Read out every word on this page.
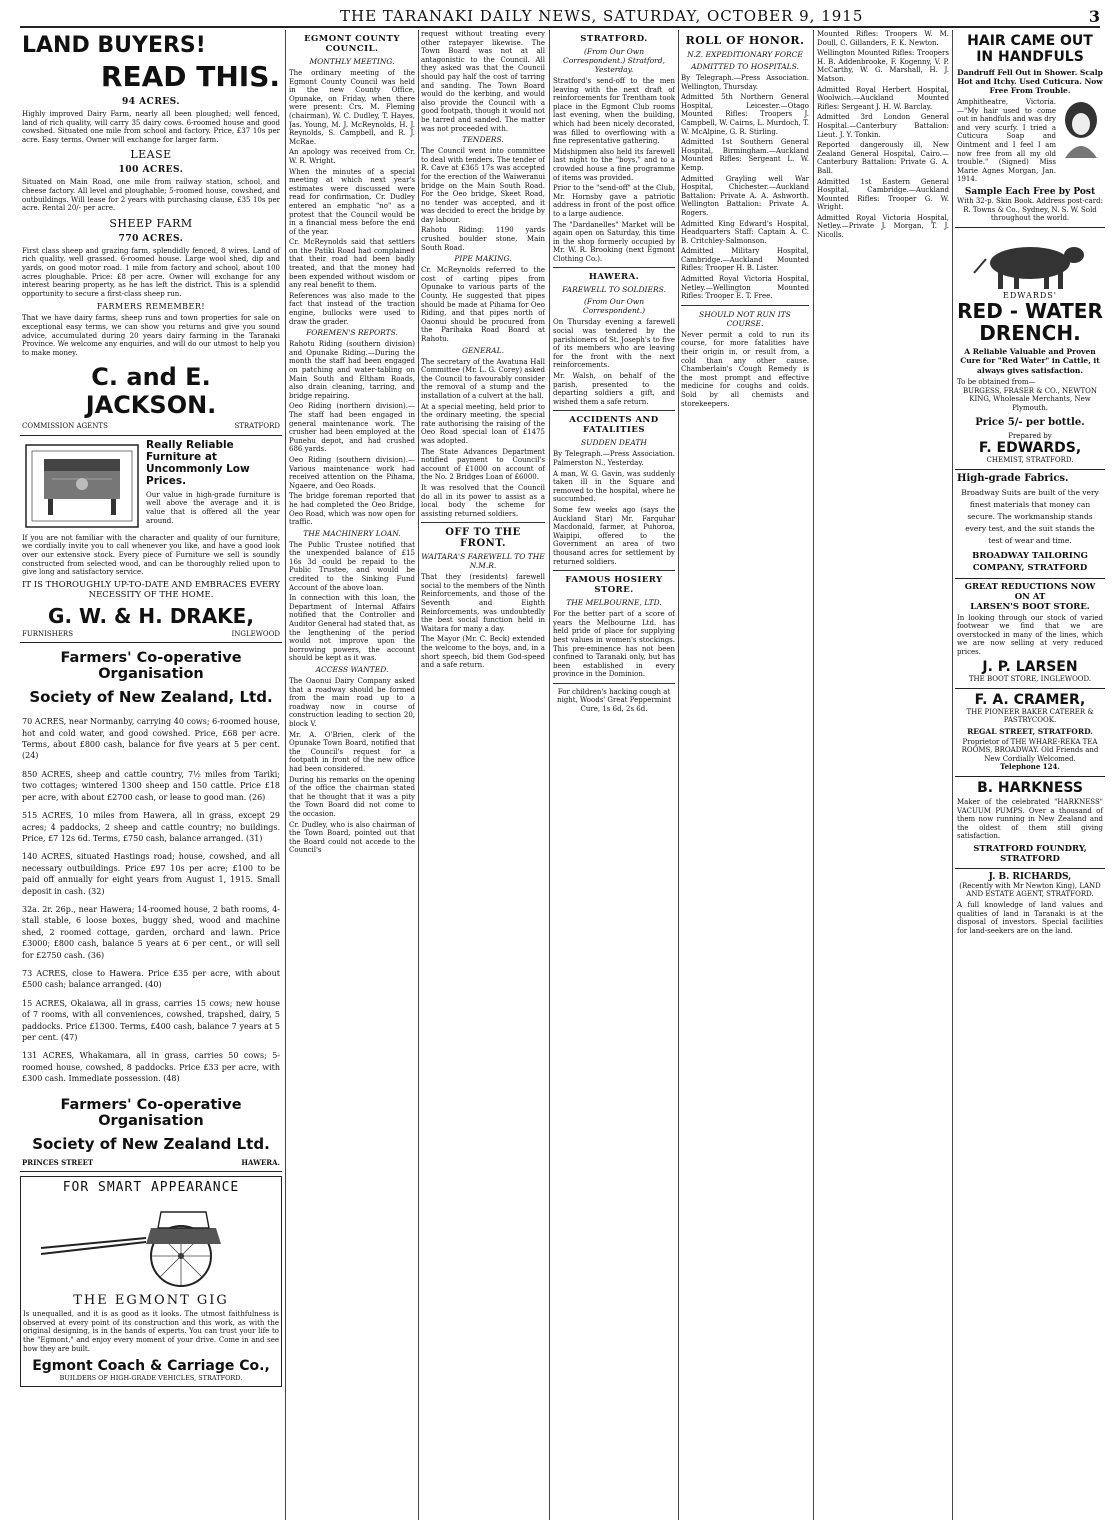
THE TARANAKI DAILY NEWS, SATURDAY, OCTOBER 9, 1915	3
LAND BUYERS!
READ THIS.
94 ACRES.
Highly improved Dairy Farm, nearly all been ploughed; well fenced, land of rich quality, will carry 35 dairy cows. 6-roomed house and good cowshed. Situated one mile from school and factory. Price, £37 10s per acre. Easy terms. Owner will exchange for larger farm.
LEASE
100 ACRES.
Situated on Main Road, one mile from railway station, school, and cheese factory. All level and ploughable; 5-roomed house, cowshed, and outbuildings. Will lease for 2 years with purchasing clause, £35 10s per acre. Rental 20/- per acre.
SHEEP FARM
770 ACRES.
First class sheep and grazing farm, splendidly fenced, 8 wires. Land of rich quality, well grassed. 6-roomed house. Large wool shed, dip and yards, on good motor road. 1 mile from factory and school, about 100 acres ploughable. Price: £8 per acre. Owner will exchange for any interest bearing property, as he has left the district. This is a splendid opportunity to secure a first-class sheep run.
FARMERS REMEMBER!
That we have dairy farms, sheep runs and town properties for sale on exceptional easy terms, we can show you returns and give you sound advice, accumulated during 20 years dairy farming in the Taranaki Province. We welcome any enquiries, and will do our utmost to help you to make money.
C. and E. JACKSON.
COMMISSION AGENTS	STRATFORD
Really Reliable Furniture at Uncommonly Low Prices.
Our value in high-grade furniture is well above the average and it is value that is offered all the year around.
If you are not familiar with the character and quality of our furniture, we cordially invite you to call whenever you like, and have a good look over our extensive stock. Every piece of Furniture we sell is soundly constructed from selected wood, and can be thoroughly relied upon to give long and satisfactory service.
IT IS THOROUGHLY UP-TO-DATE AND EMBRACES EVERY
NECESSITY OF THE HOME.
G. W. & H. DRAKE,
FURNISHERS	INGLEWOOD
Farmers' Co-operative Organisation
Society of New Zealand, Ltd.
70 ACRES, near Normanby, carrying 40 cows; 6-roomed house, hot and cold water, and good cowshed. Price, £68 per acre. Terms, about £800 cash, balance for five years at 5 per cent. (24)
850 ACRES, sheep and cattle country, 7½ miles from Tariki; two cottages; wintered 1300 sheep and 150 cattle. Price £18 per acre, with about £2700 cash, or lease to good man. (26)
515 ACRES, 10 miles from Hawera, all in grass, except 29 acres; 4 paddocks, 2 sheep and cattle country; no buildings. Price, £7 12s 6d. Terms, £750 cash, balance arranged. (31)
140 ACRES, situated Hastings road; house, cowshed, and all necessary outbuildings. Price £97 10s per acre; £100 to be paid off annually for eight years from August 1, 1915. Small deposit in cash. (32)
32a. 2r. 26p., near Hawera; 14-roomed house, 2 bath rooms, 4-stall stable, 6 loose boxes, buggy shed, wood and machine shed, 2 roomed cottage, garden, orchard and lawn. Price £3000; £800 cash, balance 5 years at 6 per cent., or will sell for £2750 cash. (36)
73 ACRES, close to Hawera. Price £35 per acre, with about £500 cash; balance arranged. (40)
15 ACRES, Okaiawa, all in grass, carries 15 cows; new house of 7 rooms, with all conveniences, cowshed, trapshed, dairy, 5 paddocks. Price £1300. Terms, £400 cash, balance 7 years at 5 per cent. (47)
131 ACRES, Whakamara, all in grass, carries 50 cows; 5-roomed house, cowshed, 8 paddocks. Price £33 per acre, with £300 cash. Immediate possession. (48)
Farmers' Co-operative Organisation
Society of New Zealand Ltd.
PRINCES STREET	HAWERA.
FOR SMART APPEARANCE
THE EGMONT GIG
Is unequalled, and it is as good as it looks. The utmost faithfulness is observed at every point of its construction and this work, as with the original designing, is in the hands of experts. You can trust your life to the "Egmont," and enjoy every moment of your drive. Come in and see how they are built.
Egmont Coach & Carriage Co.,
BUILDERS OF HIGH-GRADE VEHICLES, STRATFORD.
EGMONT COUNTY COUNCIL.
MONTHLY MEETING.

The ordinary meeting of the Egmont County Council was held in the new County Office, Opunake, on Friday, when there were present: Crs. M. Fleming (chairman), W. C. Dudley, T. Hayes, Jas. Young, M. J. McReynolds, H. J. Reynolds, S. Campbell, and R. J. McRae.

An apology was received from Cr. W. R. Wright.

When the minutes of a special meeting at which next year's estimates were discussed were read for confirmation, Cr. Dudley entered an emphatic "no" as a protest that the Council would be in a financial mess before the end of the year.

Cr. McReynolds said that settlers on the Patiki Road had complained that their road had been badly treated, and that the money had been expended without wisdom or any real benefit to them.

References was also made to the fact that instead of the traction engine, bullocks were used to draw the grader.

FOREMEN'S REPORTS.

Rahotu Riding (southern division) and Opunake Riding.—During the month the staff had been engaged on patching and water-tabling on Main South and Eltham Roads, also drain cleaning, tarring, and bridge repairing.

Oeo Riding (northern division).—The staff had been engaged in general maintenance work. The crusher had been employed at the Punehu depot, and had crushed 686 yards.

Oeo Riding (southern division).—Various maintenance work had received attention on the Pihama, Ngaere, and Oeo Roads.

The bridge foreman reported that he had completed the Oeo Bridge, Oeo Road, which was now open for traffic.

THE MACHINERY LOAN.

The Public Trustee notified that the unexpended balance of £15 16s 3d could be repaid to the Public Trustee, and would be credited to the Sinking Fund Account of the above loan.

In connection with this loan, the Department of Internal Affairs notified that the Controller and Auditor General had stated that, as the lengthening of the period would not improve upon the borrowing powers, the account should be kept as it was.

ACCESS WANTED.

The Oaonui Dairy Company asked that a roadway should be formed from the main road up to a roadway now in course of construction leading to section 20, block V.

Mr. A. O'Brien, clerk of the Opunake Town Board, notified that the Council's request for a footpath in front of the new office had been considered.

During his remarks on the opening of the office the chairman stated that he thought that it was a pity the Town Board did not come to the occasion.

Cr. Dudley, who is also chairman of the Town Board, pointed out that the Board could not accede to the Council's

request without treating every other ratepayer likewise. The Town Board was not at all antagonistic to the Council. All they asked was that the Council should pay half the cost of tarring and sanding. The Town Board would do the kerbing, and would also provide the Council with a good footpath, though it would not be tarred and sanded. The matter was not proceeded with.

TENDERS.

The Council went into committee to deal with tenders. The tender of R. Cave at £365 17s was accepted for the erection of the Waiweranui bridge on the Main South Road. For the Oeo bridge, Skeet Road, no tender was accepted, and it was decided to erect the bridge by day labour.

Rahotu Riding: 1190 yards crushed boulder stone, Main South Road.

PIPE MAKING.

Cr. McReynolds referred to the cost of carting pipes from Opunake to various parts of the County. He suggested that pipes should be made at Pihama for Oeo Riding, and that pipes north of Oaonui should be procured from the Parihaka Road Board at Rahotu.

GENERAL.

The secretary of the Awatuna Hall Committee (Mr. L. G. Corey) asked the Council to favourably consider the removal of a stump and the installation of a culvert at the hall.

At a special meeting, held prior to the ordinary meeting, the special rate authorising the raising of the Oeo Road special loan of £1475 was adopted.

The State Advances Department notified payment to Council's account of £1000 on account of the No. 2 Bridges Loan of £6000.

It was resolved that the Council do all in its power to assist as a local body the scheme for assisting returned soldiers.

OFF TO THE FRONT.
WAITARA'S FAREWELL TO THE N.M.R.

That they (residents) farewell social to the members of the Ninth Reinforcements, and those of the Seventh and Eighth Reinforcements, was undoubtedly the best social function held in Waitara for many a day.

The Mayor (Mr. C. Beck) extended the welcome to the boys, and, in a short speech, bid them God-speed and a safe return.

STRATFORD.
(From Our Own Correspondent.) Stratford, Yesterday.

Stratford's send-off to the men leaving with the next draft of reinforcements for Trentham took place in the Egmont Club rooms last evening, when the building, which had been nicely decorated, was filled to overflowing with a fine representative gathering.

Midshipmen also held its farewell last night to the "boys," and to a crowded house a fine programme of items was provided.

Prior to the "send-off" at the Club, Mr. Hornsby gave a patriotic address in front of the post office to a large audience.

The "Dardanelles" Market will be again open on Saturday, this time in the shop formerly occupied by Mr. W. R. Brooking (next Egmont Clothing Co.).

HAWERA.
FAREWELL TO SOLDIERS.
(From Our Own Correspondent.)

On Thursday evening a farewell social was tendered by the parishioners of St. Joseph's to five of its members who are leaving for the front with the next reinforcements.

Mr. Walsh, on behalf of the parish, presented to the departing soldiers a gift, and wished them a safe return.

ACCIDENTS AND FATALITIES
SUDDEN DEATH

By Telegraph.—Press Association. Palmerston N., Yesterday.

A man, W. G. Gavin, was suddenly taken ill in the Square and removed to the hospital, where he succumbed.

Some few weeks ago (says the Auckland Star) Mr. Farquhar Macdonald, farmer, at Puhoroa, Waipipi, offered to the Government an area of two thousand acres for settlement by returned soldiers.

FAMOUS HOSIERY STORE.
THE MELBOURNE, LTD.

For the better part of a score of years the Melbourne Ltd. has held pride of place for supplying best values in women's stockings. This pre-eminence has not been confined to Taranaki only, but has been established in every province in the Dominion.

For children's hacking cough at night, Woods' Great Peppermint Cure, 1s 6d, 2s 6d.

ROLL OF HONOR.
N.Z. EXPEDITIONARY FORCE
ADMITTED TO HOSPITALS.

By Telegraph.—Press Association. Wellington, Thursday.

Admitted 5th Northern General Hospital, Leicester.—Otago Mounted Rifles: Troopers J. Campbell, W. Cairns, L. Murdoch, T. W. McAlpine, G. R. Stirling.

Admitted 1st Southern General Hospital, Birmingham.—Auckland Mounted Rifles: Sergeant L. W. Kemp.

Admitted Grayling well War Hospital, Chichester.—Auckland Battalion: Private A. A. Ashworth. Wellington Battalion: Private A. Rogers.

Admitted King Edward's Hospital, Headquarters Staff: Captain A. C. B. Critchley-Salmonson.

Admitted Military Hospital, Cambridge.—Auckland Mounted Rifles: Trooper H. B. Lister.

Admitted Royal Victoria Hospital, Netley.—Wellington Mounted Rifles: Trooper E. T. Free.

SHOULD NOT RUN ITS COURSE.

Never permit a cold to run its course, for more fatalities have their origin in, or result from, a cold than any other cause. Chamberlain's Cough Remedy is the most prompt and effective medicine for coughs and colds. Sold by all chemists and storekeepers.

Mounted Rifles: Troopers W. M. Doull, C. Gillanders, F. K. Newton.

Wellington Mounted Rifles: Troopers H. B. Addenbrooke, F. Kogenny, V. P. McCarthy, W. G. Marshall, H. J. Matson.

Admitted Royal Herbert Hospital, Woolwich.—Auckland Mounted Rifles: Sergeant J. H. W. Barclay.

Admitted 3rd London General Hospital.—Canterbury Battalion: Lieut. J. Y. Tonkin.

Reported dangerously ill, New Zealand General Hospital, Cairo.—Canterbury Battalion: Private G. A. Ball.

Admitted 1st Eastern General Hospital, Cambridge.—Auckland Mounted Rifles: Trooper G. W. Wright.

Admitted Royal Victoria Hospital, Netley.—Private J. Morgan, T. J. Nicolls.

HAIR CAME OUT IN HANDFULS
Dandruff Fell Out in Shower. Scalp Hot and Itchy. Used Cuticura. Now Free From Trouble.
Amphitheatre, Victoria.—"My hair used to come out in handfuls and was dry and very scurfy. I tried a Cuticura Soap and Ointment and I feel I am now free from all my old trouble." (Signed) Miss Marie Agnes Morgan, Jan. 1914.
Sample Each Free by Post
With 32-p. Skin Book. Address post-card: R. Towns & Co., Sydney, N. S. W. Sold throughout the world.
EDWARDS'
RED - WATER DRENCH.
A Reliable Valuable and Proven Cure for "Red Water" in Cattle, it always gives satisfaction.
To be obtained from—
BURGESS, FRASER & CO., NEWTON KING, Wholesale Merchants, New Plymouth.
Price 5/- per bottle.
Prepared by
F. EDWARDS,
CHEMIST, STRATFORD.
High-grade Fabrics.
Broadway Suits are built of the very finest materials that money can secure. The workmanship stands every test, and the suit stands the test of wear and time.
BROADWAY TAILORING COMPANY, STRATFORD
GREAT REDUCTIONS NOW ON AT
LARSEN'S BOOT STORE.
In looking through our stock of varied footwear we find that we are overstocked in many of the lines, which we are now selling at very reduced prices.
J. P. LARSEN
THE BOOT STORE, INGLEWOOD.
F. A. CRAMER,
THE PIONEER BAKER CATERER & PASTRYCOOK.
REGAL STREET, STRATFORD.
Proprietor of THE WHARE-REKA TEA ROOMS, BROADWAY. Old Friends and New Cordially Welcomed.
Telephone 124.
B. HARKNESS
Maker of the celebrated "HARKNESS" VACUUM PUMPS. Over a thousand of them now running in New Zealand and the oldest of them still giving satisfaction.
STRATFORD FOUNDRY, STRATFORD
J. B. RICHARDS,
(Recently with Mr Newton King), LAND AND ESTATE AGENT, STRATFORD.
A full knowledge of land values and qualities of land in Taranaki is at the disposal of investors. Special facilities for land-seekers are on the land.
